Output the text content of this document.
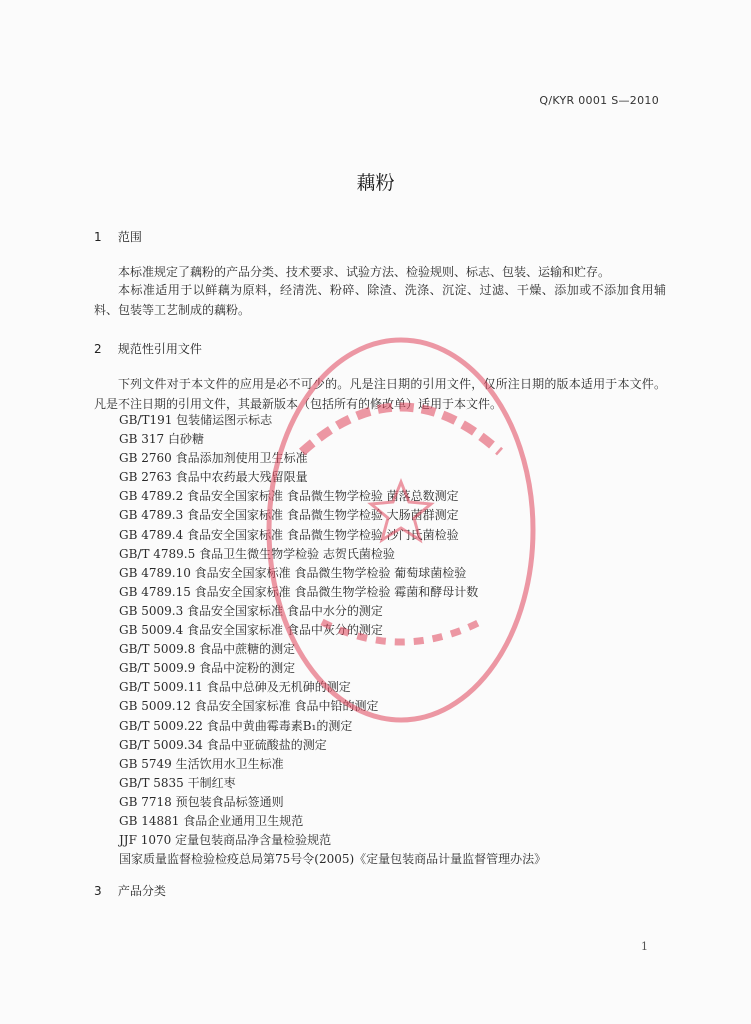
Q/KYR 0001 S—2010
藕粉
1 范围
本标准规定了藕粉的产品分类、技术要求、试验方法、检验规则、标志、包装、运输和贮存。
本标准适用于以鲜藕为原料，经清洗、粉碎、除渣、洗涤、沉淀、过滤、干燥、添加或不添加食用辅料、包装等工艺制成的藕粉。
2 规范性引用文件
下列文件对于本文件的应用是必不可少的。凡是注日期的引用文件，仅所注日期的版本适用于本文件。凡是不注日期的引用文件，其最新版本（包括所有的修改单）适用于本文件。
GB/T191 包装储运图示标志
GB 317 白砂糖
GB 2760 食品添加剂使用卫生标准
GB 2763 食品中农药最大残留限量
GB 4789.2 食品安全国家标准 食品微生物学检验 菌落总数测定
GB 4789.3 食品安全国家标准 食品微生物学检验 大肠菌群测定
GB 4789.4 食品安全国家标准 食品微生物学检验 沙门氏菌检验
GB/T 4789.5 食品卫生微生物学检验 志贺氏菌检验
GB 4789.10 食品安全国家标准 食品微生物学检验 葡萄球菌检验
GB 4789.15 食品安全国家标准 食品微生物学检验 霉菌和酵母计数
GB 5009.3 食品安全国家标准 食品中水分的测定
GB 5009.4 食品安全国家标准 食品中灰分的测定
GB/T 5009.8 食品中蔗糖的测定
GB/T 5009.9 食品中淀粉的测定
GB/T 5009.11 食品中总砷及无机砷的测定
GB 5009.12 食品安全国家标准 食品中铅的测定
GB/T 5009.22 食品中黄曲霉毒素B₁的测定
GB/T 5009.34 食品中亚硫酸盐的测定
GB 5749 生活饮用水卫生标准
GB/T 5835 干制红枣
GB 7718 预包装食品标签通则
GB 14881 食品企业通用卫生规范
JJF 1070 定量包装商品净含量检验规范
国家质量监督检验检疫总局第75号令(2005)《定量包装商品计量监督管理办法》
3 产品分类
1
